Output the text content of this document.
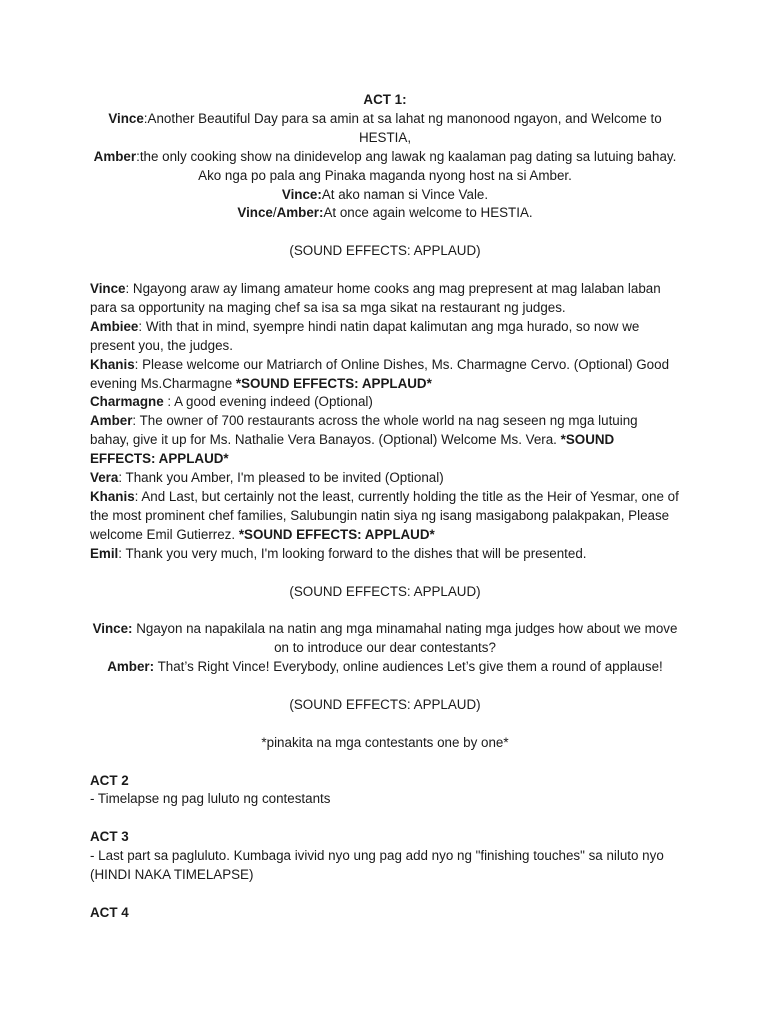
ACT 1:

Vince:Another Beautiful Day para sa amin at sa lahat ng manonood ngayon, and Welcome to HESTIA,

Amber:the only cooking show na dinidevelop ang lawak ng kaalaman pag dating sa lutuing bahay. Ako nga po pala ang Pinaka maganda nyong host na si Amber.

Vince:At ako naman si Vince Vale.

Vince/Amber:At once again welcome to HESTIA.

(SOUND EFFECTS: APPLAUD)

Vince: Ngayong araw ay limang amateur home cooks ang mag prepresent at mag lalaban laban para sa opportunity na maging chef sa isa sa mga sikat na restaurant ng judges.

Ambiee: With that in mind, syempre hindi natin dapat kalimutan ang mga hurado, so now we present you, the judges.

Khanis: Please welcome our Matriarch of Online Dishes, Ms. Charmagne Cervo. (Optional) Good evening Ms.Charmagne *SOUND EFFECTS: APPLAUD*

Charmagne : A good evening indeed (Optional)

Amber: The owner of 700 restaurants across the whole world na nag seseen ng mga lutuing bahay, give it up for Ms. Nathalie Vera Banayos. (Optional) Welcome Ms. Vera. *SOUND EFFECTS: APPLAUD*

Vera: Thank you Amber, I'm pleased to be invited (Optional)

Khanis: And Last, but certainly not the least, currently holding the title as the Heir of Yesmar, one of the most prominent chef families, Salubungin natin siya ng isang masigabong palakpakan, Please welcome Emil Gutierrez. *SOUND EFFECTS: APPLAUD*

Emil: Thank you very much, I'm looking forward to the dishes that will be presented.

(SOUND EFFECTS: APPLAUD)

Vince: Ngayon na napakilala na natin ang mga minamahal nating mga judges how about we move on to introduce our dear contestants?

Amber: That’s Right Vince! Everybody, online audiences Let’s give them a round of applause!

(SOUND EFFECTS: APPLAUD)

*pinakita na mga contestants one by one*

ACT 2

- Timelapse ng pag luluto ng contestants

ACT 3

- Last part sa pagluluto. Kumbaga ivivid nyo ung pag add nyo ng "finishing touches" sa niluto nyo (HINDI NAKA TIMELAPSE)

ACT 4
